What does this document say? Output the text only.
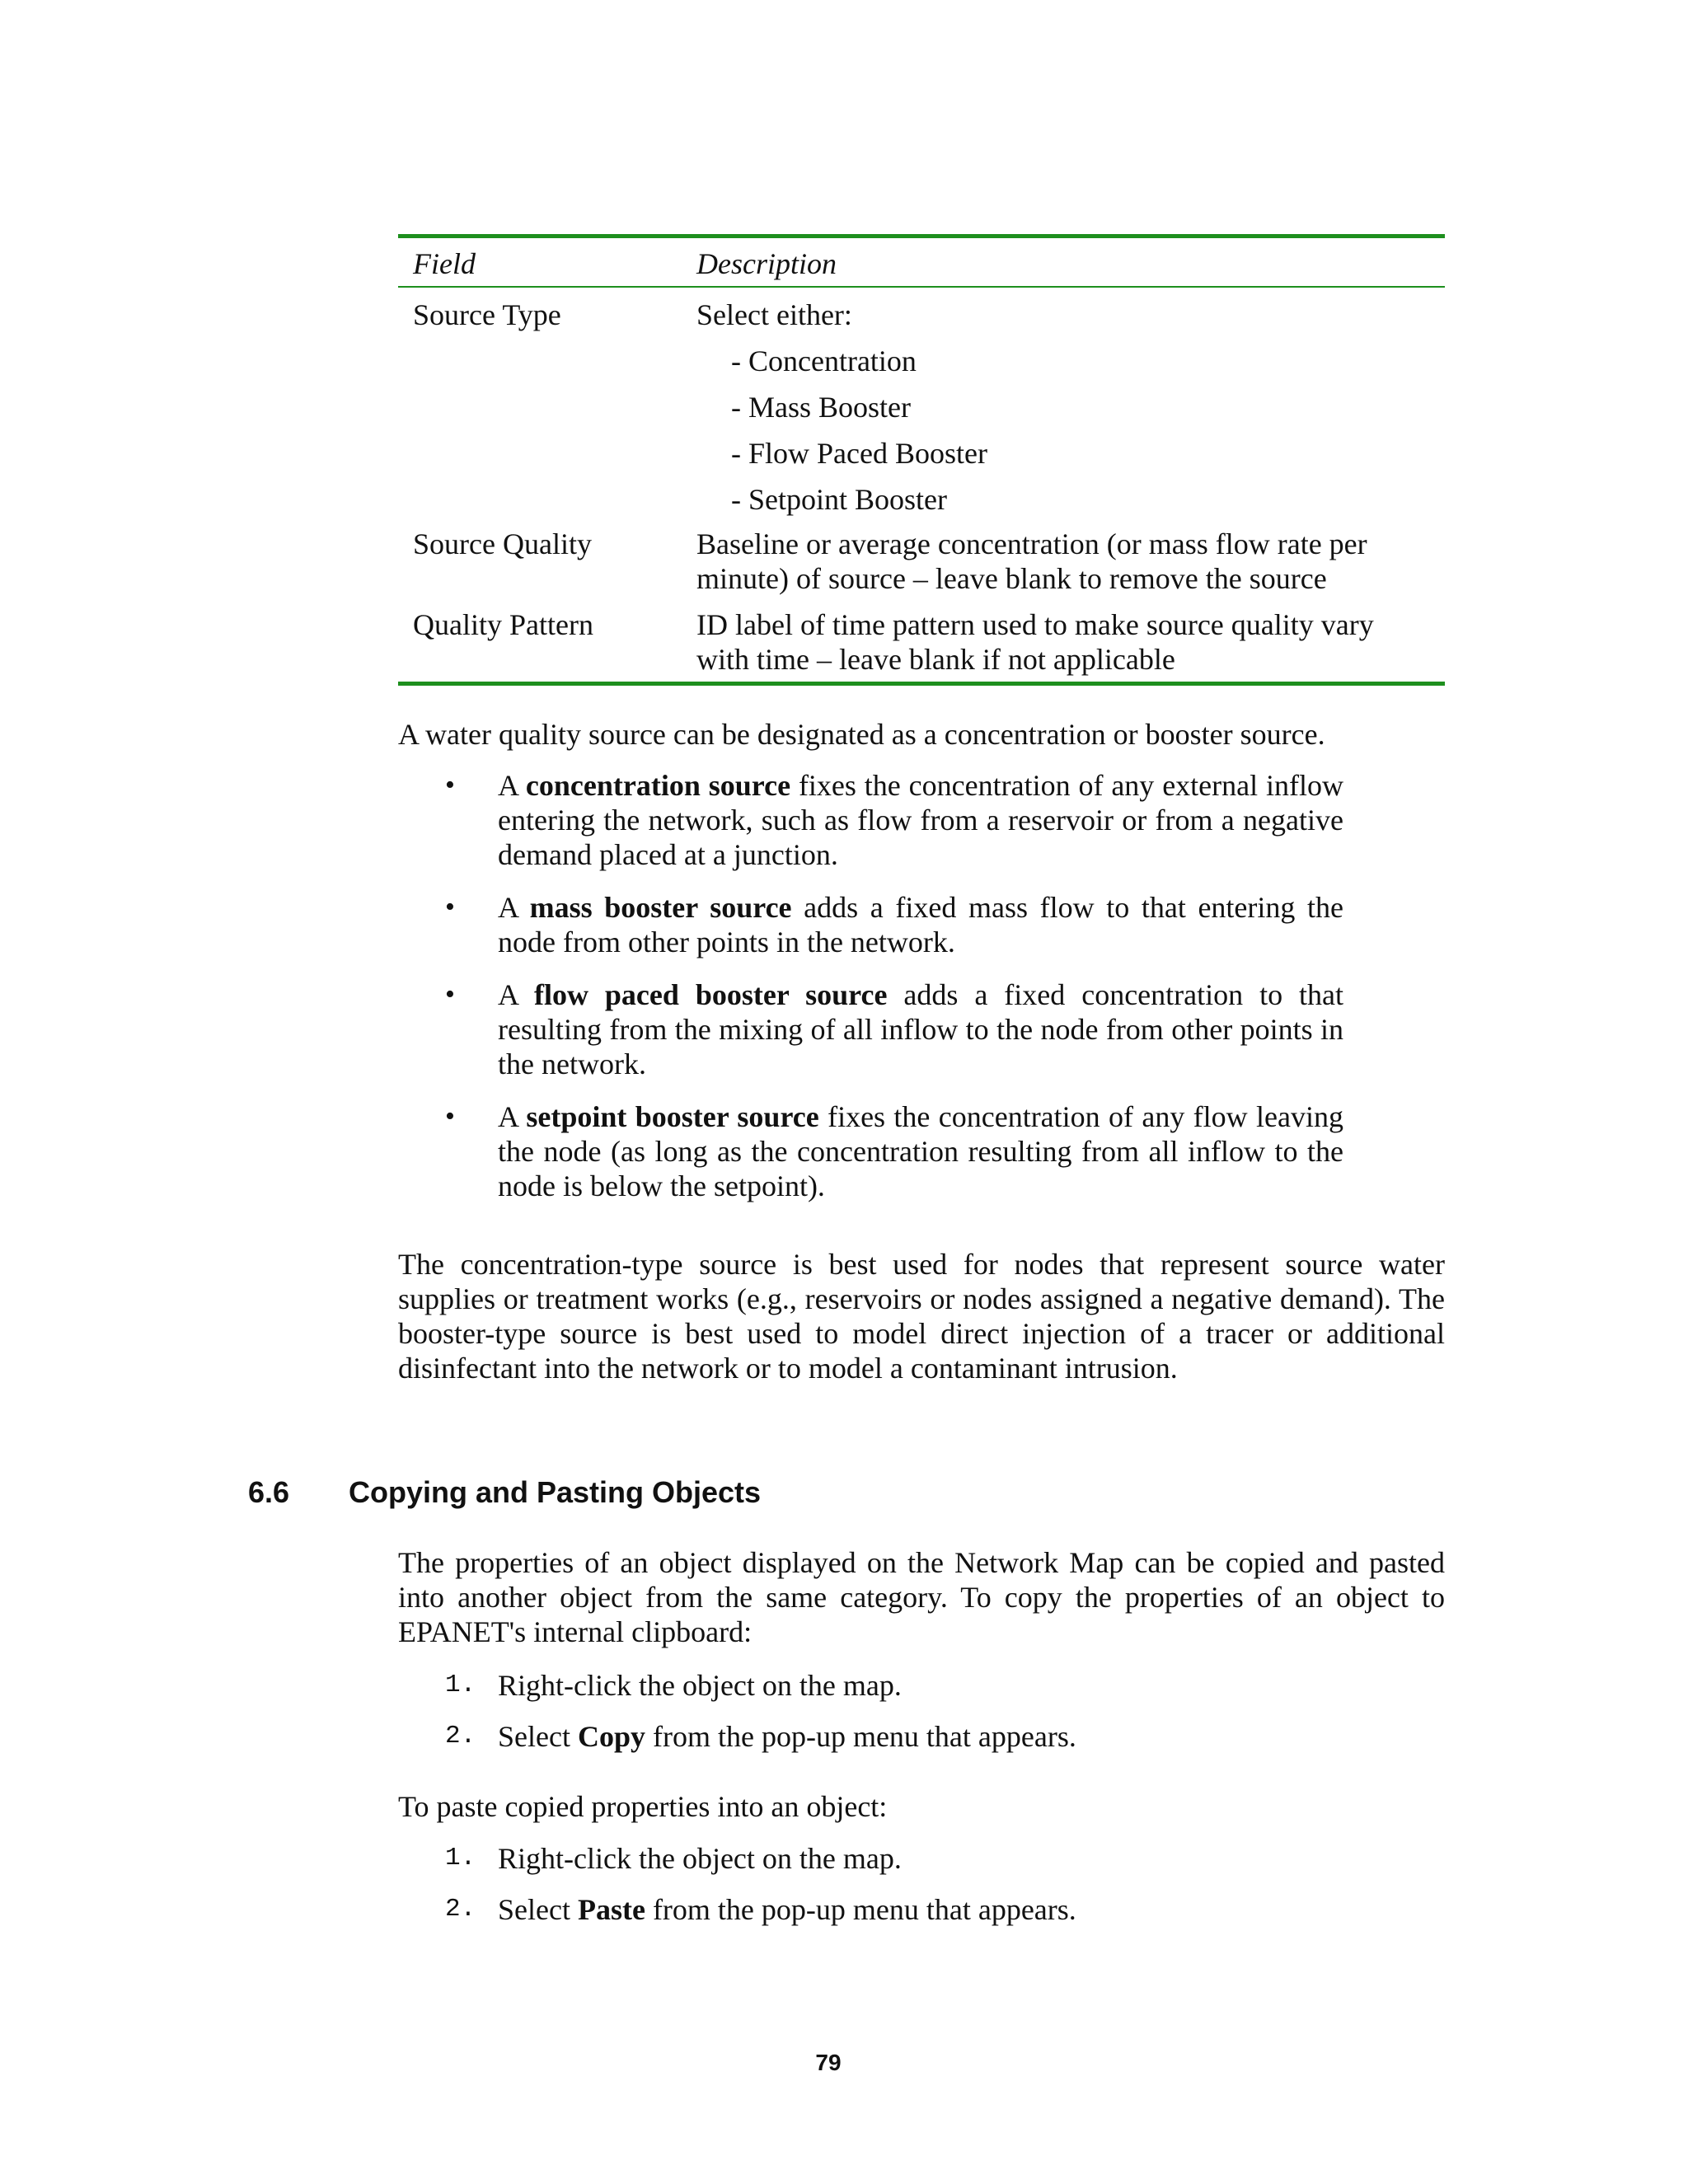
Field	Description
Source Type	Select either:
- Concentration
- Mass Booster
- Flow Paced Booster
- Setpoint Booster
Source Quality	Baseline or average concentration (or mass flow rate per minute) of source – leave blank to remove the source
Quality Pattern	ID label of time pattern used to make source quality vary with time – leave blank if not applicable
A water quality source can be designated as a concentration or booster source.
•	A concentration source fixes the concentration of any external inflow entering the network, such as flow from a reservoir or from a negative demand placed at a junction.
•	A mass booster source adds a fixed mass flow to that entering the node from other points in the network.
•	A flow paced booster source adds a fixed concentration to that resulting from the mixing of all inflow to the node from other points in the network.
•	A setpoint booster source fixes the concentration of any flow leaving the node (as long as the concentration resulting from all inflow to the node is below the setpoint).
The concentration-type source is best used for nodes that represent source water supplies or treatment works (e.g., reservoirs or nodes assigned a negative demand). The booster-type source is best used to model direct injection of a tracer or additional disinfectant into the network or to model a contaminant intrusion.
6.6	Copying and Pasting Objects
The properties of an object displayed on the Network Map can be copied and pasted into another object from the same category. To copy the properties of an object to EPANET's internal clipboard:
1. Right-click the object on the map.
2. Select Copy from the pop-up menu that appears.
To paste copied properties into an object:
1. Right-click the object on the map.
2. Select Paste from the pop-up menu that appears.
79
